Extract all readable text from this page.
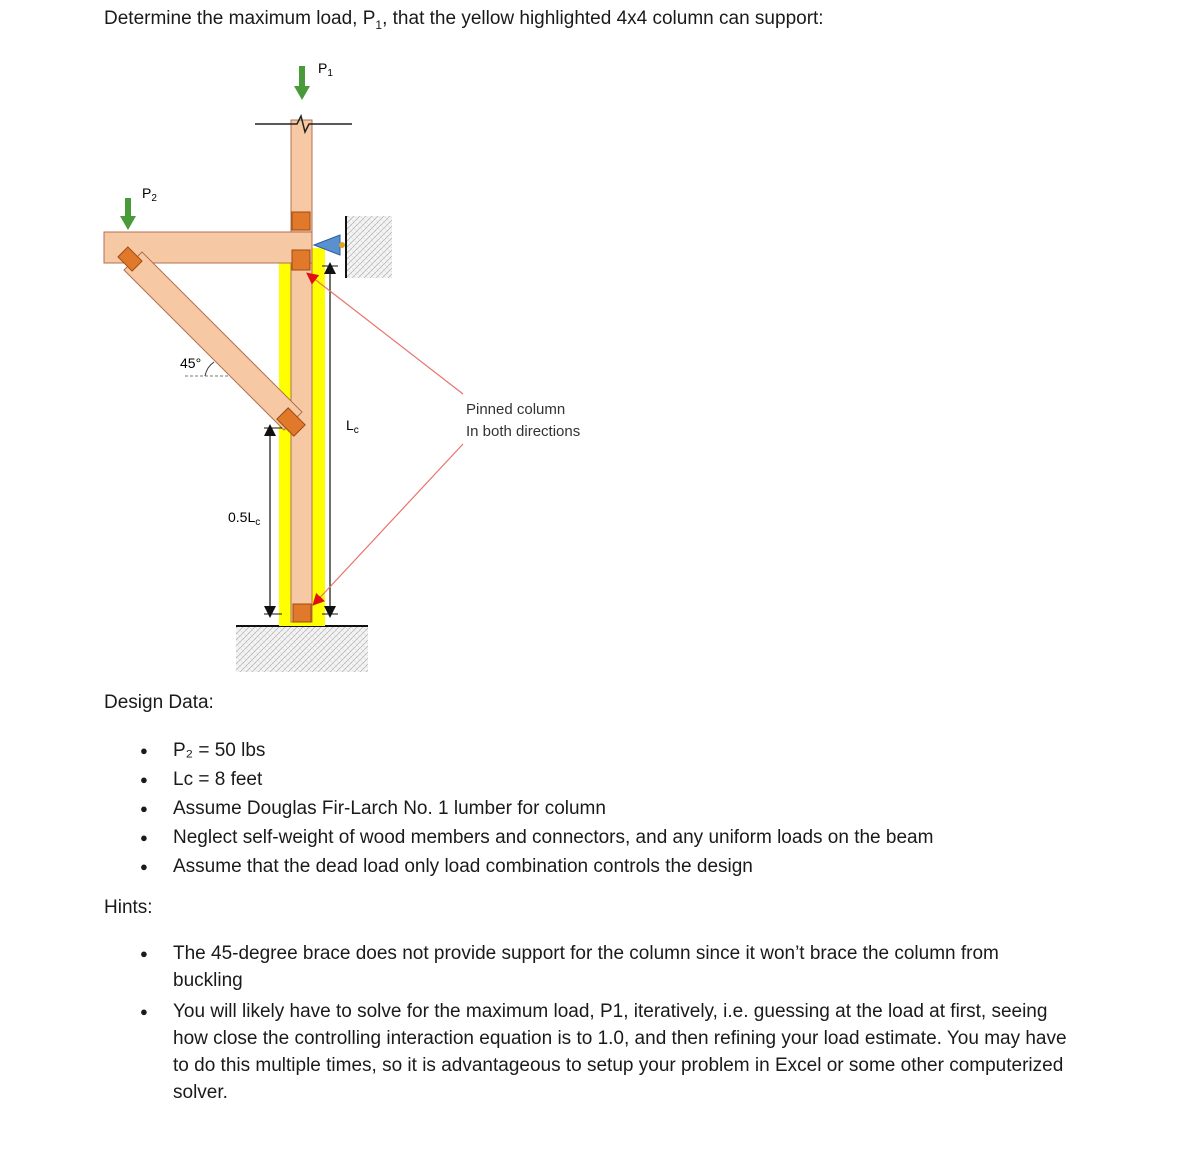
Determine the maximum load, $P_1$, that the yellow highlighted 4x4 column can support:
$P_1$
$P_2$
45°
$L_c$
$0.5L_c$
Pinned column
In both directions
Design Data:
● P₂ = 50 lbs
● Lc = 8 feet
● Assume Douglas Fir-Larch No. 1 lumber for column
● Neglect self-weight of wood members and connectors, and any uniform loads on the beam
● Assume that the dead load only load combination controls the design
Hints:
● The 45-degree brace does not provide support for the column since it won’t brace the column from buckling
● You will likely have to solve for the maximum load, P1, iteratively, i.e. guessing at the load at first, seeing how close the controlling interaction equation is to 1.0, and then refining your load estimate. You may have to do this multiple times, so it is advantageous to setup your problem in Excel or some other computerized solver.
